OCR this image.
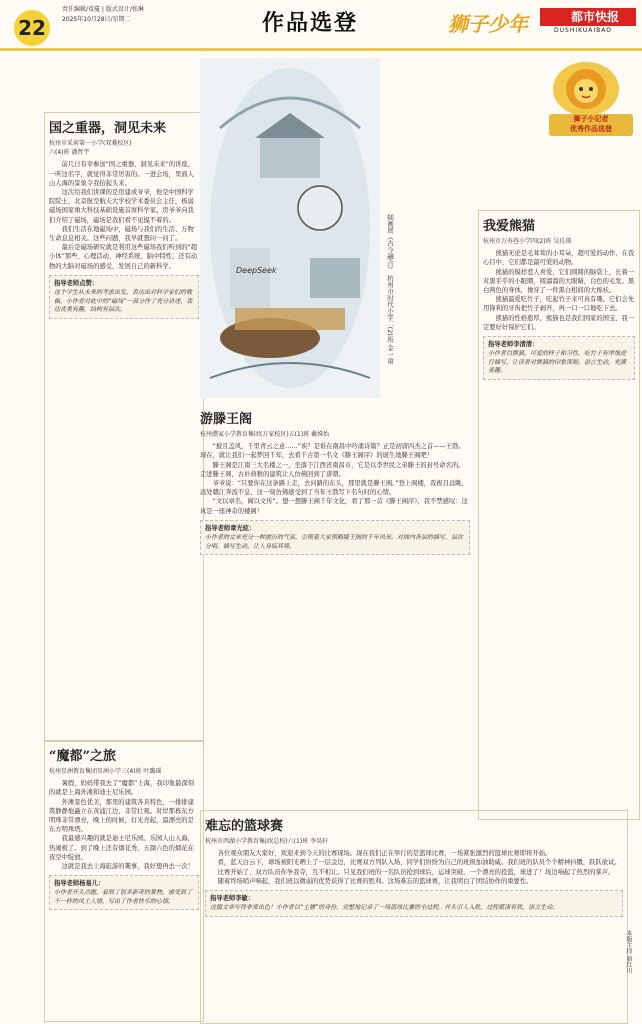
22
责任编辑/戏蔓 | 版式设计/张琳
2025年10月28日/星期二	作品选登	狮子少年	都市快报
DUSHIKUAIBAO
狮子小记者
优秀作品选登
国之重器，洞见未来
杭州市采荷第一小学(双菱校区)
六(4)班 潘哲宇

前几日有幸参加“国之重器，洞见未来”的讲座，一听这名字，就觉得非常厉害的。一进会场，里面人山人海的景象令我抬起头来。

这次给我们讲课的是房建成爷爷，他是中国科学院院士，北京航空航天大学校学术委员会主任，极弱磁场国家重大科技基础设施首席科学家。房爷爷向我们介绍了磁场，磁场是我们看不见摸不着的。

我们生活在地磁场中，磁场与我们的生活、万物生命息息相关。这些问题，我早就想问一问了。

最后是磁场研究就是利用这些磁场我们听到的“超小体”那些、心理活动、神经系统、脑中特性，还有动物的大脑对磁场的感受，发展自己的新科学。

指导老师点赞：
这个学生从未来的考虑出发，表达出对科学家们的敬佩。小作者对此中的“磁场”一部分作了充分讲述，表达优美有趣，结构有层次。
“魔都”之旅
杭州星洲教育集团星洲小学三(4)班 叶璐瑶

暑假，妈妈带我去了“魔都”上海，我印象最深刻的就是上海外滩和迪士尼乐园。

外滩景色优美，那里的建筑各具特色，一排排建筑静静地矗立在黄浦江边，非常壮观。对岸那栋东方明珠非常漂亮，晚上的时候，灯光亮起，最漂亮的是东方明珠塔。

我最感兴趣的就是迪士尼乐园。乐园人山人海，热闹极了。到了晚上还有烟花秀，五颜六色的烟花在夜空中绽放。

这就是我去上海旅游的趣事，我好想再去一次！

指导老师杨易儿：
小作者开头点题，看到了很多新奇的景物，感受到了不一样的风土人情，写出了作者快乐的心情。
DeepSeek	插画展《古今融合》 杭州市时代小学二(2)班 金一童
游滕王阁
杭州濮家小学教育集团(万家校区)五(1)班 戴姝怡

“披且盖风，千里青云之意……”诶？是谁在南昌中吟诵诗篇？正是初唐四杰之首——王勃。现在，就让我们一起梦回千年，去看千古第一名文《滕王阁序》的诞生地滕王阁吧！

滕王阁是江南三大名楼之一，坐落于江西省南昌市，它是以李世民之弟滕王的封号命名的。走进滕王阁，古朴典雅的建筑让人仿佛回到了唐朝。

爷爷说：“只要你在这条路上走，去问路的东头，那里就是滕王阁。”登上阁楼，我极目远眺，远处赣江奔流不息，这一刻仿佛感受到了当年王勃写下名句时的心情。

“文以章名，阁以文传”。想一想滕王阁千年文化，看了那一首《滕王阁序》，我不禁感叹：这真是一座神奇的楼阁！

指导老师章光炫：
小作者的文章充分一种游历的气氛，引领着大家领略滕王阁的千年风采。对阁内各层的描写，层次分明，描写生动，让人身临其境。
我爱熊猫
杭州市万寿巷小学四(2)班 吴佳瑛

熊猫无论是毛茸茸的小耳朵，超可爱的动作，在我心目中，它们都是最可爱的动物。

熊猫的模样惹人喜爱，它们圆圆的脑袋上，长着一对黑乎乎的小眼圈，圆溜溜的大眼睛，白色的毛发。黑白两色的身体，像穿了一件黑白相间的大棉袄。

熊猫最爱吃竹子，吃起竹子来可真有趣。它们会先用锋利的牙齿把竹子剥开，再一口一口地吃下去。

熊猫的性格憨厚，熊猫也是我们国家的国宝，我一定要好好保护它们。

指导老师李清清：
小作者以熊猫，可爱的样子和习性，吃竹子有序地进行描写，让读者对熊猫的印象深刻。语言生动，充满童趣。
难忘的篮球赛
杭州市西湖小学教育集团(总校)六(1)班 李昊轩

各位观众朋友大家好，欢迎来到今天的比赛现场。现在我们正在举行的是篮球比赛，一场紧张激烈的篮球比赛即将开始。

看，蓝天白云下，球场被阳光晒上了一层金边，比赛双方列队入场，同学们纷纷为自己的班级加油助威。我们班的队员个个精神抖擞，跃跃欲试。

比赛开始了，双方队员你争我夺，互不相让。只见我们班的一名队员抢到球后，运球突破，一个漂亮的投篮，球进了！场边响起了热烈的掌声。

随着终场哨声响起，我们班以微弱的优势获得了比赛的胜利。这场难忘的篮球赛，让我明白了团结协作的重要性。

指导老师李敏：
这篇文章写得非常出色！小作者以“主播”的身份，完整地记录了一场篮球比赛的全过程。开头引人入胜，过程紧凑有致，语言生动。
本版主持 骆红川
